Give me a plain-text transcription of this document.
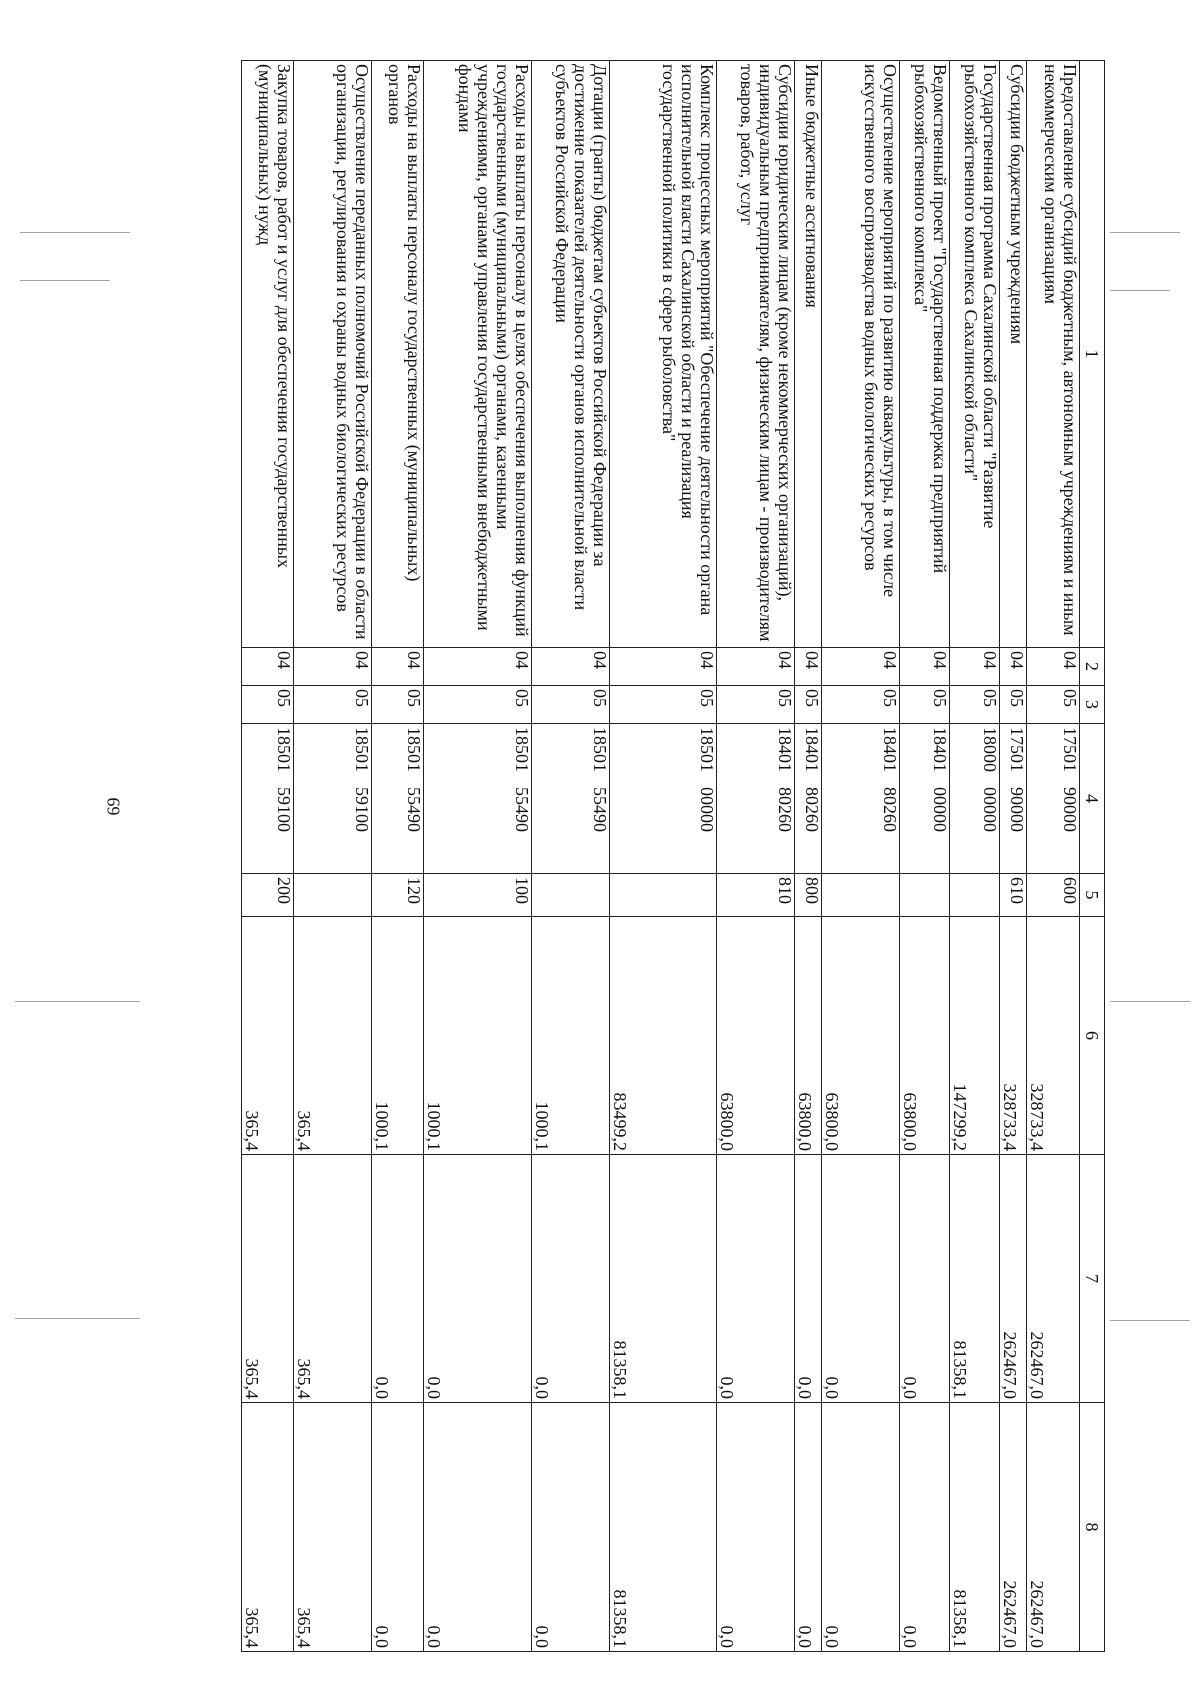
69
1	2	3	4	5	6	7	8
Предоставление субсидий бюджетным, автономным учреждениям и иным некоммерческим организациям	04	05	1750190000	600	328733,4	262467,0	262467,0
Субсидии бюджетным учреждениям	04	05	1750190000	610	328733,4	262467,0	262467,0
Государственная программа Сахалинской области "Развитие рыбохозяйственного комплекса Сахалинской области"	04	05	1800000000		147299,2	81358,1	81358,1
Ведомственный проект "Государственная поддержка предприятий рыбохозяйственного комплекса"	04	05	1840100000		63800,0	0,0	0,0
Осуществление мероприятий по развитию аквакультуры, в том числе искусственного воспроизводства водных биологических ресурсов	04	05	1840180260		63800,0	0,0	0,0
Иные бюджетные ассигнования	04	05	1840180260	800	63800,0	0,0	0,0
Субсидии юридическим лицам (кроме некоммерческих организаций), индивидуальным предпринимателям, физическим лицам - производителям товаров, работ, услуг	04	05	1840180260	810	63800,0	0,0	0,0
Комплекс процессных мероприятий "Обеспечение деятельности органа исполнительной власти Сахалинской области и реализация государственной политики в сфере рыболовства"	04	05	1850100000		83499,2	81358,1	81358,1
Дотации (гранты) бюджетам субъектов Российской Федерации за достижение показателей деятельности органов исполнительной власти субъектов Российской Федерации	04	05	1850155490		1000,1	0,0	0,0
Расходы на выплаты персоналу в целях обеспечения выполнения функций государственными (муниципальными) органами, казенными учреждениями, органами управления государственными внебюджетными фондами	04	05	1850155490	100	1000,1	0,0	0,0
Расходы на выплаты персоналу государственных (муниципальных) органов	04	05	1850155490	120	1000,1	0,0	0,0
Осуществление переданных полномочий Российской Федерации в области организации, регулирования и охраны водных биологических ресурсов	04	05	1850159100		365,4	365,4	365,4
Закупка товаров, работ и услуг для обеспечения государственных (муниципальных) нужд	04	05	1850159100	200	365,4	365,4	365,4
